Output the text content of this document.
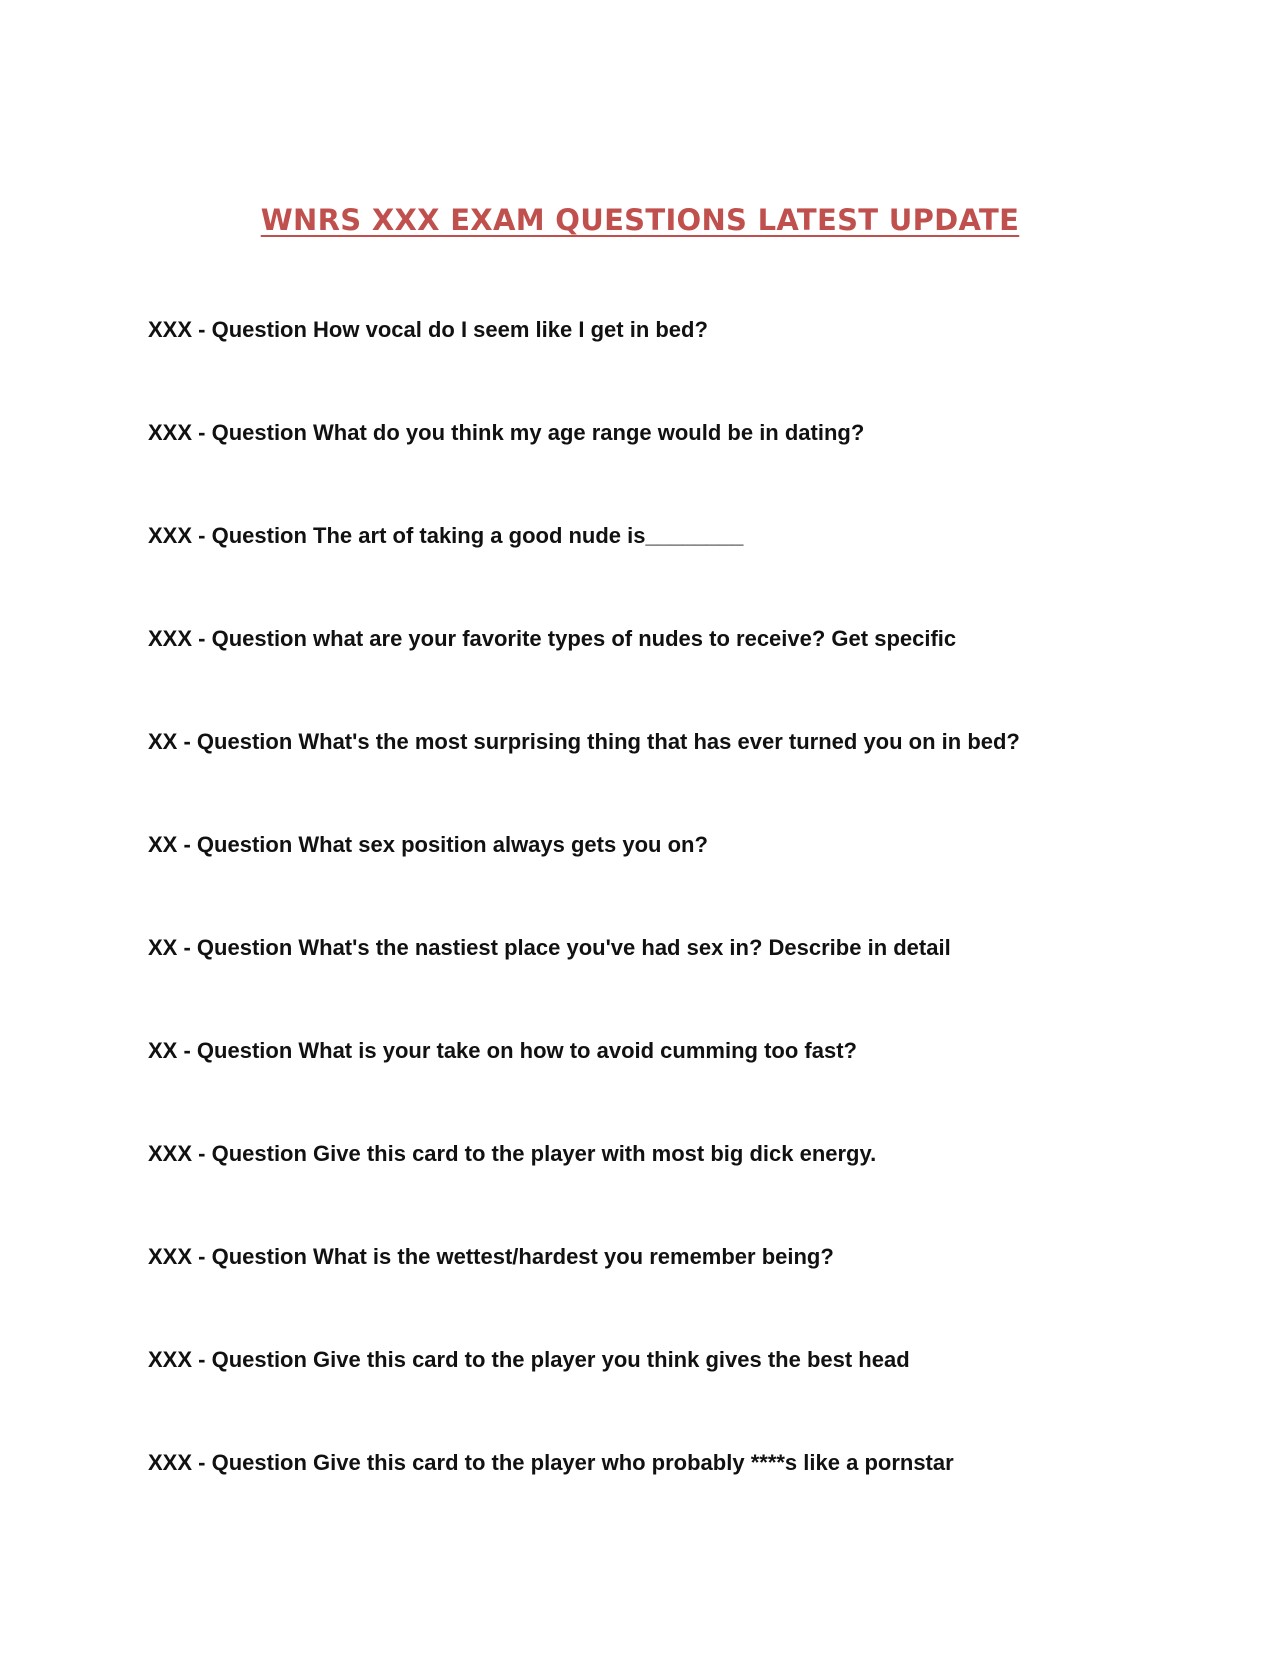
WNRS XXX EXAM QUESTIONS LATEST UPDATE
XXX - Question How vocal do I seem like I get in bed?
XXX - Question What do you think my age range would be in dating?
XXX - Question The art of taking a good nude is________
XXX - Question what are your favorite types of nudes to receive? Get specific
XX - Question What's the most surprising thing that has ever turned you on in bed?
XX - Question What sex position always gets you on?
XX - Question What's the nastiest place you've had sex in? Describe in detail
XX - Question What is your take on how to avoid cumming too fast?
XXX - Question Give this card to the player with most big dick energy.
XXX - Question What is the wettest/hardest you remember being?
XXX - Question Give this card to the player you think gives the best head
XXX - Question Give this card to the player who probably ****s like a pornstar
